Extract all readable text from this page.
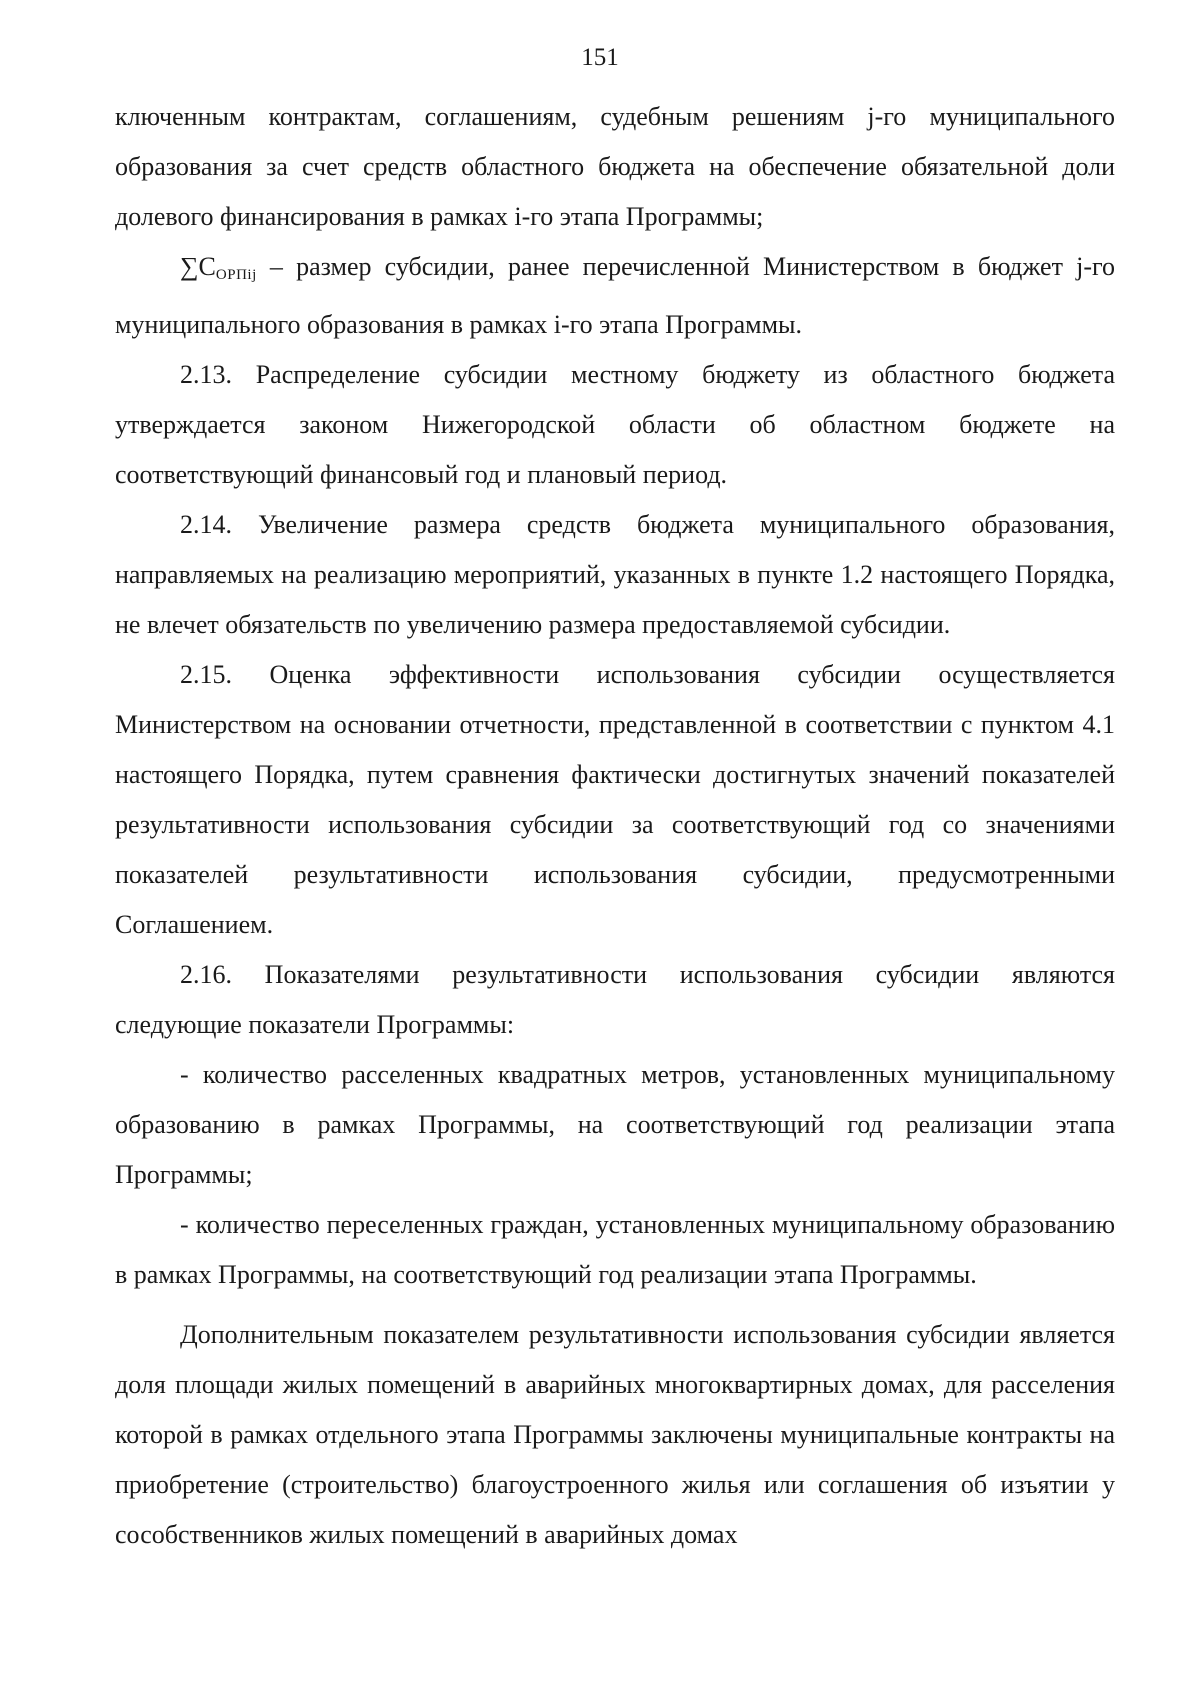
151

ключенным контрактам, соглашениям, судебным решениям j-го муниципального образования за счет средств областного бюджета на обеспечение обязательной доли долевого финансирования в рамках i-го этапа Программы;

$\sum C_{OPПij}$ – размер субсидии, ранее перечисленной Министерством в бюджет j-го муниципального образования в рамках i-го этапа Программы.

2.13. Распределение субсидии местному бюджету из областного бюджета утверждается законом Нижегородской области об областном бюджете на соответствующий финансовый год и плановый период.

2.14. Увеличение размера средств бюджета муниципального образования, направляемых на реализацию мероприятий, указанных в пункте 1.2 настоящего Порядка, не влечет обязательств по увеличению размера предоставляемой субсидии.

2.15. Оценка эффективности использования субсидии осуществляется Министерством на основании отчетности, представленной в соответствии с пунктом 4.1 настоящего Порядка, путем сравнения фактически достигнутых значений показателей результативности использования субсидии за соответствующий год со значениями показателей результативности использования субсидии, предусмотренными Соглашением.

2.16. Показателями результативности использования субсидии являются следующие показатели Программы:

- количество расселенных квадратных метров, установленных муниципальному образованию в рамках Программы, на соответствующий год реализации этапа Программы;

- количество переселенных граждан, установленных муниципальному образованию в рамках Программы, на соответствующий год реализации этапа Программы.

Дополнительным показателем результативности использования субсидии является доля площади жилых помещений в аварийных многоквартирных домах, для расселения которой в рамках отдельного этапа Программы заключены муниципальные контракты на приобретение (строительство) благоустроенного жилья или соглашения об изъятии у сособственников жилых помещений в аварийных домах
